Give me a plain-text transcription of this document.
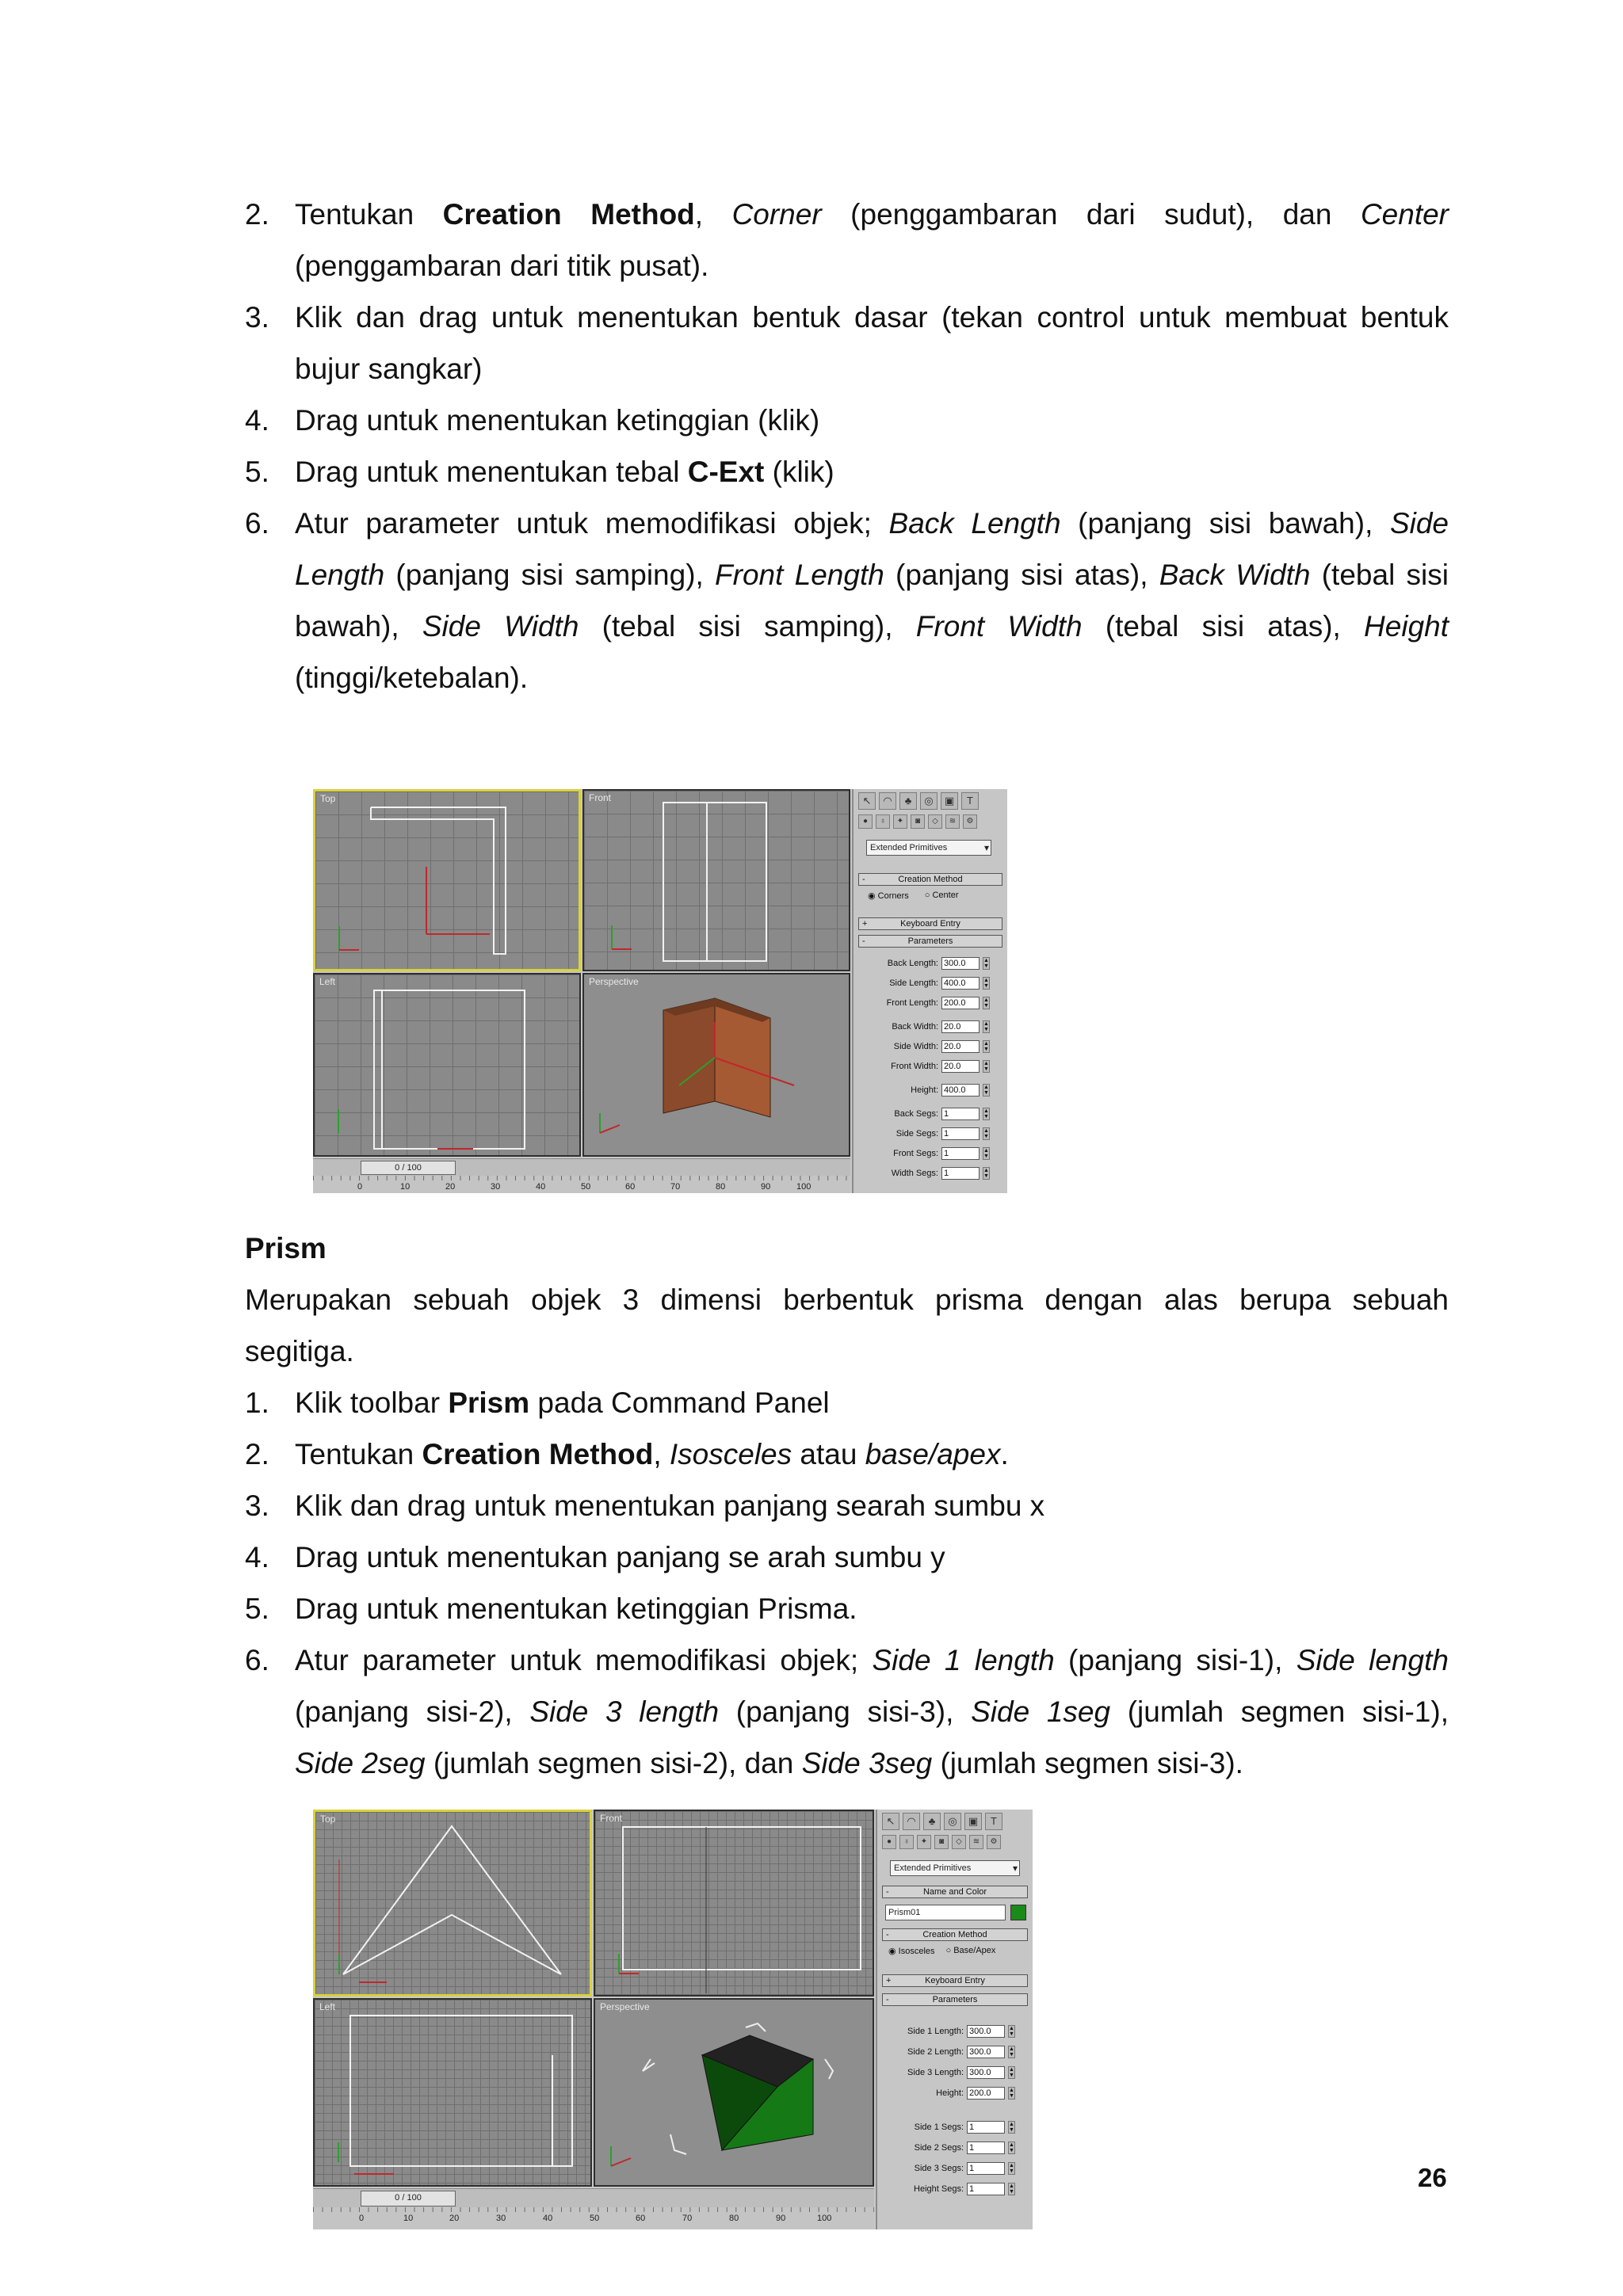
2. Tentukan Creation Method, Corner (penggambaran dari sudut), dan Center

(penggambaran dari titik pusat).

3. Klik dan drag untuk menentukan bentuk dasar (tekan control untuk membuat bentuk

bujur sangkar)

4. Drag untuk menentukan ketinggian (klik)

5. Drag untuk menentukan tebal C-Ext (klik)

6. Atur parameter untuk memodifikasi objek; Back Length (panjang sisi bawah), Side

Length (panjang sisi samping), Front Length (panjang sisi atas), Back Width (tebal sisi

bawah), Side Width (tebal sisi samping), Front Width (tebal sisi atas), Height

(tinggi/ketebalan).

Top	Front
Left	Perspective
0 / 100
0	10	20	30	40	50	60	70	80	90	100
↖	◠	♣	◎	▣	T
●	♁	✦	◙	◇	≋	⚙
Extended Primitives ▾
-	Creation Method
◉ Corners ○ Center
+	Keyboard Entry
-	Parameters
Back Length: 300.0	▲
▼
Side Length: 400.0	▲
▼
Front Length: 200.0	▲
▼
Back Width: 20.0	▲
▼
Side Width: 20.0	▲
▼
Front Width: 20.0	▲
▼
Height: 400.0	▲
▼
Back Segs: 1	▲
▼
Side Segs: 1	▲
▼
Front Segs: 1	▲
▼
Width Segs: 1	▲
▼

Prism

Merupakan sebuah objek 3 dimensi berbentuk prisma dengan alas berupa sebuah

segitiga.

1. Klik toolbar Prism pada Command Panel

2. Tentukan Creation Method, Isosceles atau base/apex.

3. Klik dan drag untuk menentukan panjang searah sumbu x

4. Drag untuk menentukan panjang se arah sumbu y

5. Drag untuk menentukan ketinggian Prisma.

6. Atur parameter untuk memodifikasi objek; Side 1 length (panjang sisi-1), Side length

(panjang sisi-2), Side 3 length (panjang sisi-3), Side 1seg (jumlah segmen sisi-1),

Side 2seg (jumlah segmen sisi-2), dan Side 3seg (jumlah segmen sisi-3).

Top	Front
Left	Perspective
0 / 100
0	10	20	30	40	50	60	70	80	90	100
↖	◠	♣	◎	▣	T
●	♁	✦	◙	◇	≋	⚙
Extended Primitives ▾
-	Name and Color
Prism01
-	Creation Method
◉ Isosceles ○ Base/Apex
+	Keyboard Entry
-	Parameters
Side 1 Length: 300.0	▲
▼
Side 2 Length: 300.0	▲
▼
Side 3 Length: 300.0	▲
▼
Height: 200.0	▲
▼
Side 1 Segs: 1	▲
▼
Side 2 Segs: 1	▲
▼
Side 3 Segs: 1	▲
▼
Height Segs: 1	▲
▼	26
